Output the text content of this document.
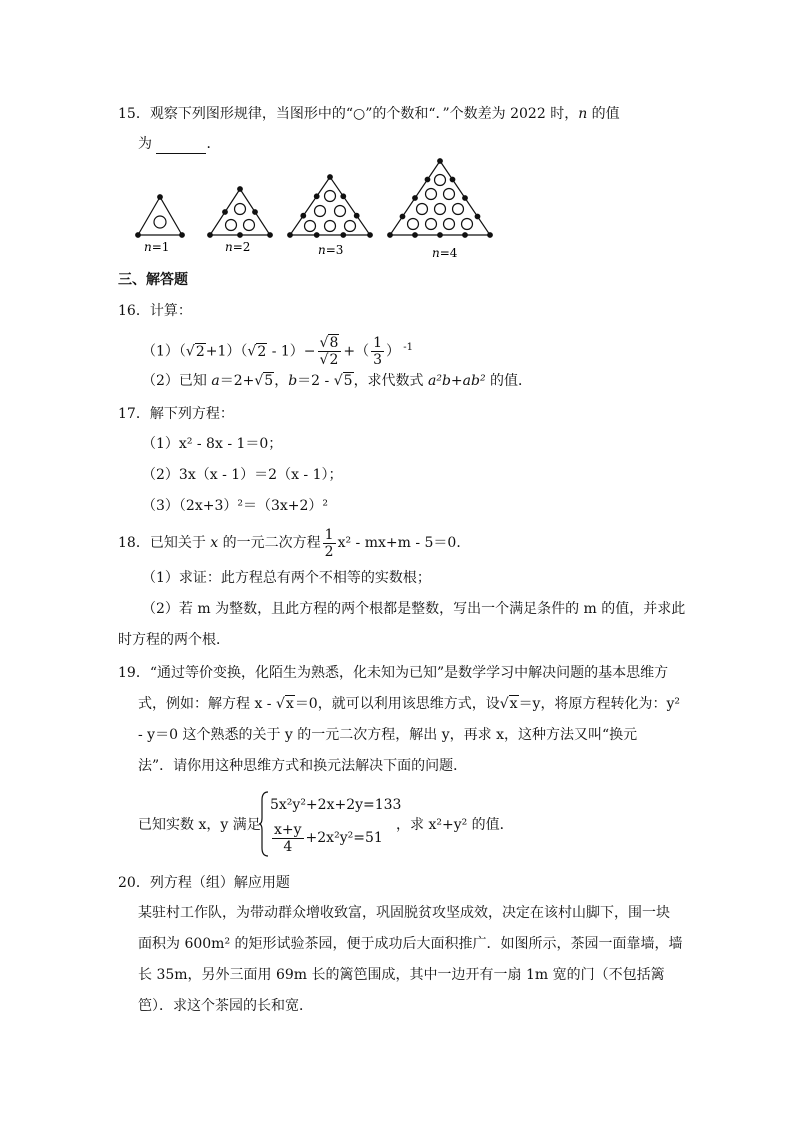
15．观察下列图形规律，当图形中的“○”的个数和“．”个数差为 2022 时，n 的值
为	．
n=1	n=2	n=3	n=4
三、解答题
16．计算：
$(1)(√2+1)(√2 - 1)- \frac{√8}{√2}$ +（ $\frac{1}{3}$ ） $^{-1}$
（2）已知 a＝2+√5，b＝2 - √5，求代数式 a²b+ab² 的值．
17．解下列方程：
（1）x² - 8x - 1＝0；
（2）3x（x - 1）＝2（x - 1）；
（3）（2x+3）²＝（3x+2）²
18．已知关于 x 的一元二次方程 $\frac{1}{2} x^2 - mx+m - 5=0$．
（1）求证：此方程总有两个不相等的实数根；
（2）若 m 为整数，且此方程的两个根都是整数，写出一个满足条件的 m 的值，并求此
时方程的两个根．
19．“通过等价变换，化陌生为熟悉，化未知为已知”是数学学习中解决问题的基本思维方
式，例如：解方程 x - √x＝0，就可以利用该思维方式，设√x＝y，将原方程转化为：y²
- y＝0 这个熟悉的关于 y 的一元二次方程，解出 y，再求 x，这种方法又叫“换元
法”．请你用这种思维方式和换元法解决下面的问题．
已知实数 x，y 满足
5x²y²+2x+2y=133
$\frac{x+y}{4} +2x^2y^2=51$
，求 x²+y² 的值．
20．列方程（组）解应用题
某驻村工作队，为带动群众增收致富，巩固脱贫攻坚成效，决定在该村山脚下，围一块
面积为 600m² 的矩形试验茶园，便于成功后大面积推广．如图所示，茶园一面靠墙，墙
长 35m，另外三面用 69m 长的篱笆围成，其中一边开有一扇 1m 宽的门（不包括篱
笆）．求这个茶园的长和宽．
